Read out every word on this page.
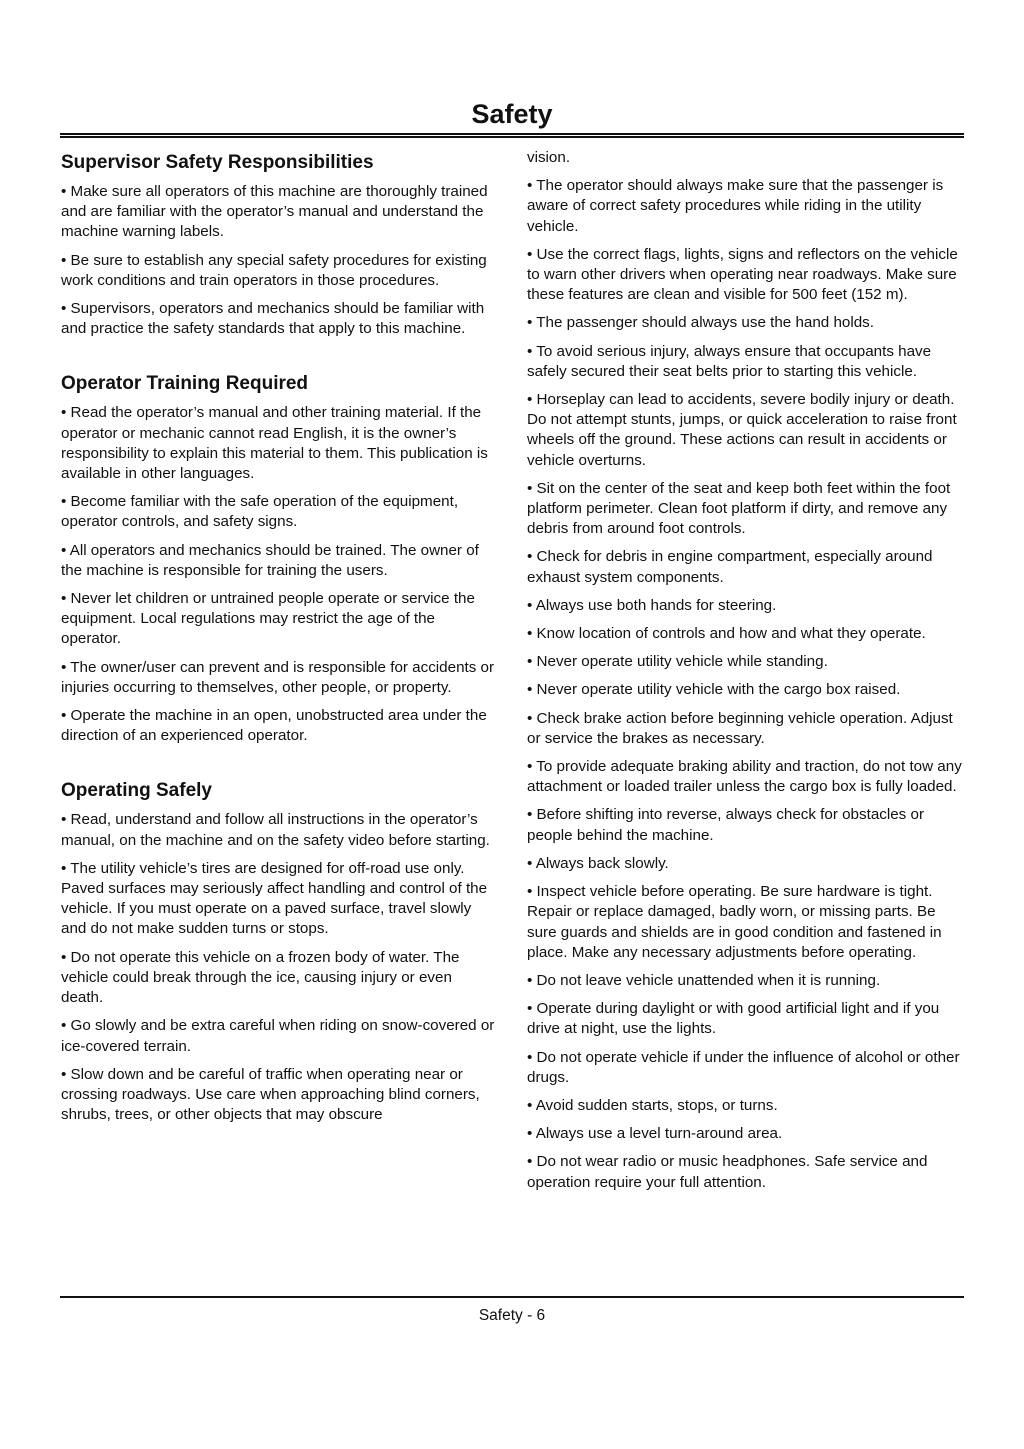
Safety
Supervisor Safety Responsibilities

• Make sure all operators of this machine are thoroughly trained and are familiar with the operator’s manual and understand the machine warning labels.

• Be sure to establish any special safety procedures for existing work conditions and train operators in those procedures.

• Supervisors, operators and mechanics should be familiar with and practice the safety standards that apply to this machine.

Operator Training Required

• Read the operator’s manual and other training material. If the operator or mechanic cannot read English, it is the owner’s responsibility to explain this material to them. This publication is available in other languages.

• Become familiar with the safe operation of the equipment, operator controls, and safety signs.

• All operators and mechanics should be trained. The owner of the machine is responsible for training the users.

• Never let children or untrained people operate or service the equipment. Local regulations may restrict the age of the operator.

• The owner/user can prevent and is responsible for accidents or injuries occurring to themselves, other people, or property.

• Operate the machine in an open, unobstructed area under the direction of an experienced operator.

Operating Safely

• Read, understand and follow all instructions in the operator’s manual, on the machine and on the safety video before starting.

• The utility vehicle’s tires are designed for off-road use only. Paved surfaces may seriously affect handling and control of the vehicle. If you must operate on a paved surface, travel slowly and do not make sudden turns or stops.

• Do not operate this vehicle on a frozen body of water. The vehicle could break through the ice, causing injury or even death.

• Go slowly and be extra careful when riding on snow-covered or ice-covered terrain.

• Slow down and be careful of traffic when operating near or crossing roadways. Use care when approaching blind corners, shrubs, trees, or other objects that may obscure

vision.

• The operator should always make sure that the passenger is aware of correct safety procedures while riding in the utility vehicle.

• Use the correct flags, lights, signs and reflectors on the vehicle to warn other drivers when operating near roadways. Make sure these features are clean and visible for 500 feet (152 m).

• The passenger should always use the hand holds.

• To avoid serious injury, always ensure that occupants have safely secured their seat belts prior to starting this vehicle.

• Horseplay can lead to accidents, severe bodily injury or death. Do not attempt stunts, jumps, or quick acceleration to raise front wheels off the ground. These actions can result in accidents or vehicle overturns.

• Sit on the center of the seat and keep both feet within the foot platform perimeter. Clean foot platform if dirty, and remove any debris from around foot controls.

• Check for debris in engine compartment, especially around exhaust system components.

• Always use both hands for steering.

• Know location of controls and how and what they operate.

• Never operate utility vehicle while standing.

• Never operate utility vehicle with the cargo box raised.

• Check brake action before beginning vehicle operation. Adjust or service the brakes as necessary.

• To provide adequate braking ability and traction, do not tow any attachment or loaded trailer unless the cargo box is fully loaded.

• Before shifting into reverse, always check for obstacles or people behind the machine.

• Always back slowly.

• Inspect vehicle before operating. Be sure hardware is tight. Repair or replace damaged, badly worn, or missing parts. Be sure guards and shields are in good condition and fastened in place. Make any necessary adjustments before operating.

• Do not leave vehicle unattended when it is running.

• Operate during daylight or with good artificial light and if you drive at night, use the lights.

• Do not operate vehicle if under the influence of alcohol or other drugs.

• Avoid sudden starts, stops, or turns.

• Always use a level turn-around area.

• Do not wear radio or music headphones. Safe service and operation require your full attention.

Safety - 6
